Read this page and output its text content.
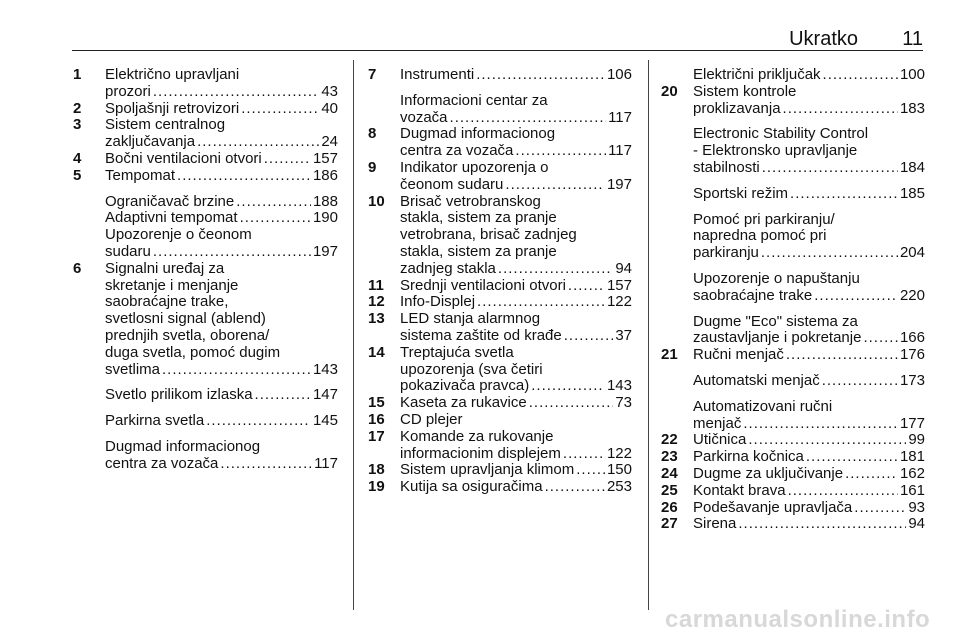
Ukratko 11
1 Električno upravljani
prozori .....	43
2 Spoljašnji retrovizori .....	40
3 Sistem centralnog
zaključavanja .....	24
4 Bočni ventilacioni otvori .....	157
5 Tempomat .....	186
Ograničavač brzine .....	188
Adaptivni tempomat .....	190
Upozorenje o čeonom
sudaru .....	197
6 Signalni uređaj za
skretanje i menjanje
saobraćajne trake,
svetlosni signal (ablend)
prednjih svetla, oborena/
duga svetla, pomoć dugim
svetlima .....	143
Svetlo prilikom izlaska .....	147
Parkirna svetla .....	145
Dugmad informacionog
centra za vozača .....	117
7 Instrumenti .....	106
Informacioni centar za
vozača .....	117
8 Dugmad informacionog
centra za vozača .....	117
9 Indikator upozorenja o
čeonom sudaru .....	197
10 Brisač vetrobranskog
stakla, sistem za pranje
vetrobrana, brisač zadnjeg
stakla, sistem za pranje
zadnjeg stakla .....	94
11 Srednji ventilacioni otvori .....	157
12 Info-Displej .....	122
13 LED stanja alarmnog
sistema zaštite od krađe .....	37
14 Treptajuća svetla
upozorenja (sva četiri
pokazivača pravca) .....	143
15 Kaseta za rukavice .....	73
16 CD plejer
17 Komande za rukovanje
informacionim displejem .....	122
18 Sistem upravljanja klimom ..... 150
19 Kutija sa osiguračima .....	253
Električni priključak .....	100
20 Sistem kontrole
proklizavanja .....	183
Electronic Stability Control
- Elektronsko upravljanje
stabilnosti .....	184
Sportski režim .....	185
Pomoć pri parkiranju/
napredna pomoć pri
parkiranju .....	204
Upozorenje o napuštanju
saobraćajne trake .....	220
Dugme "Eco" sistema za
zaustavljanje i pokretanje .....	166
21 Ručni menjač .....	176
Automatski menjač .....	173
Automatizovani ručni
menjač .....	177
22 Utičnica .....	99
23 Parkirna kočnica .....	181
24 Dugme za uključivanje .....	162
25 Kontakt brava .....	161
26 Podešavanje upravljača .....	93
27 Sirena .....	94
carmanualsonline.info
